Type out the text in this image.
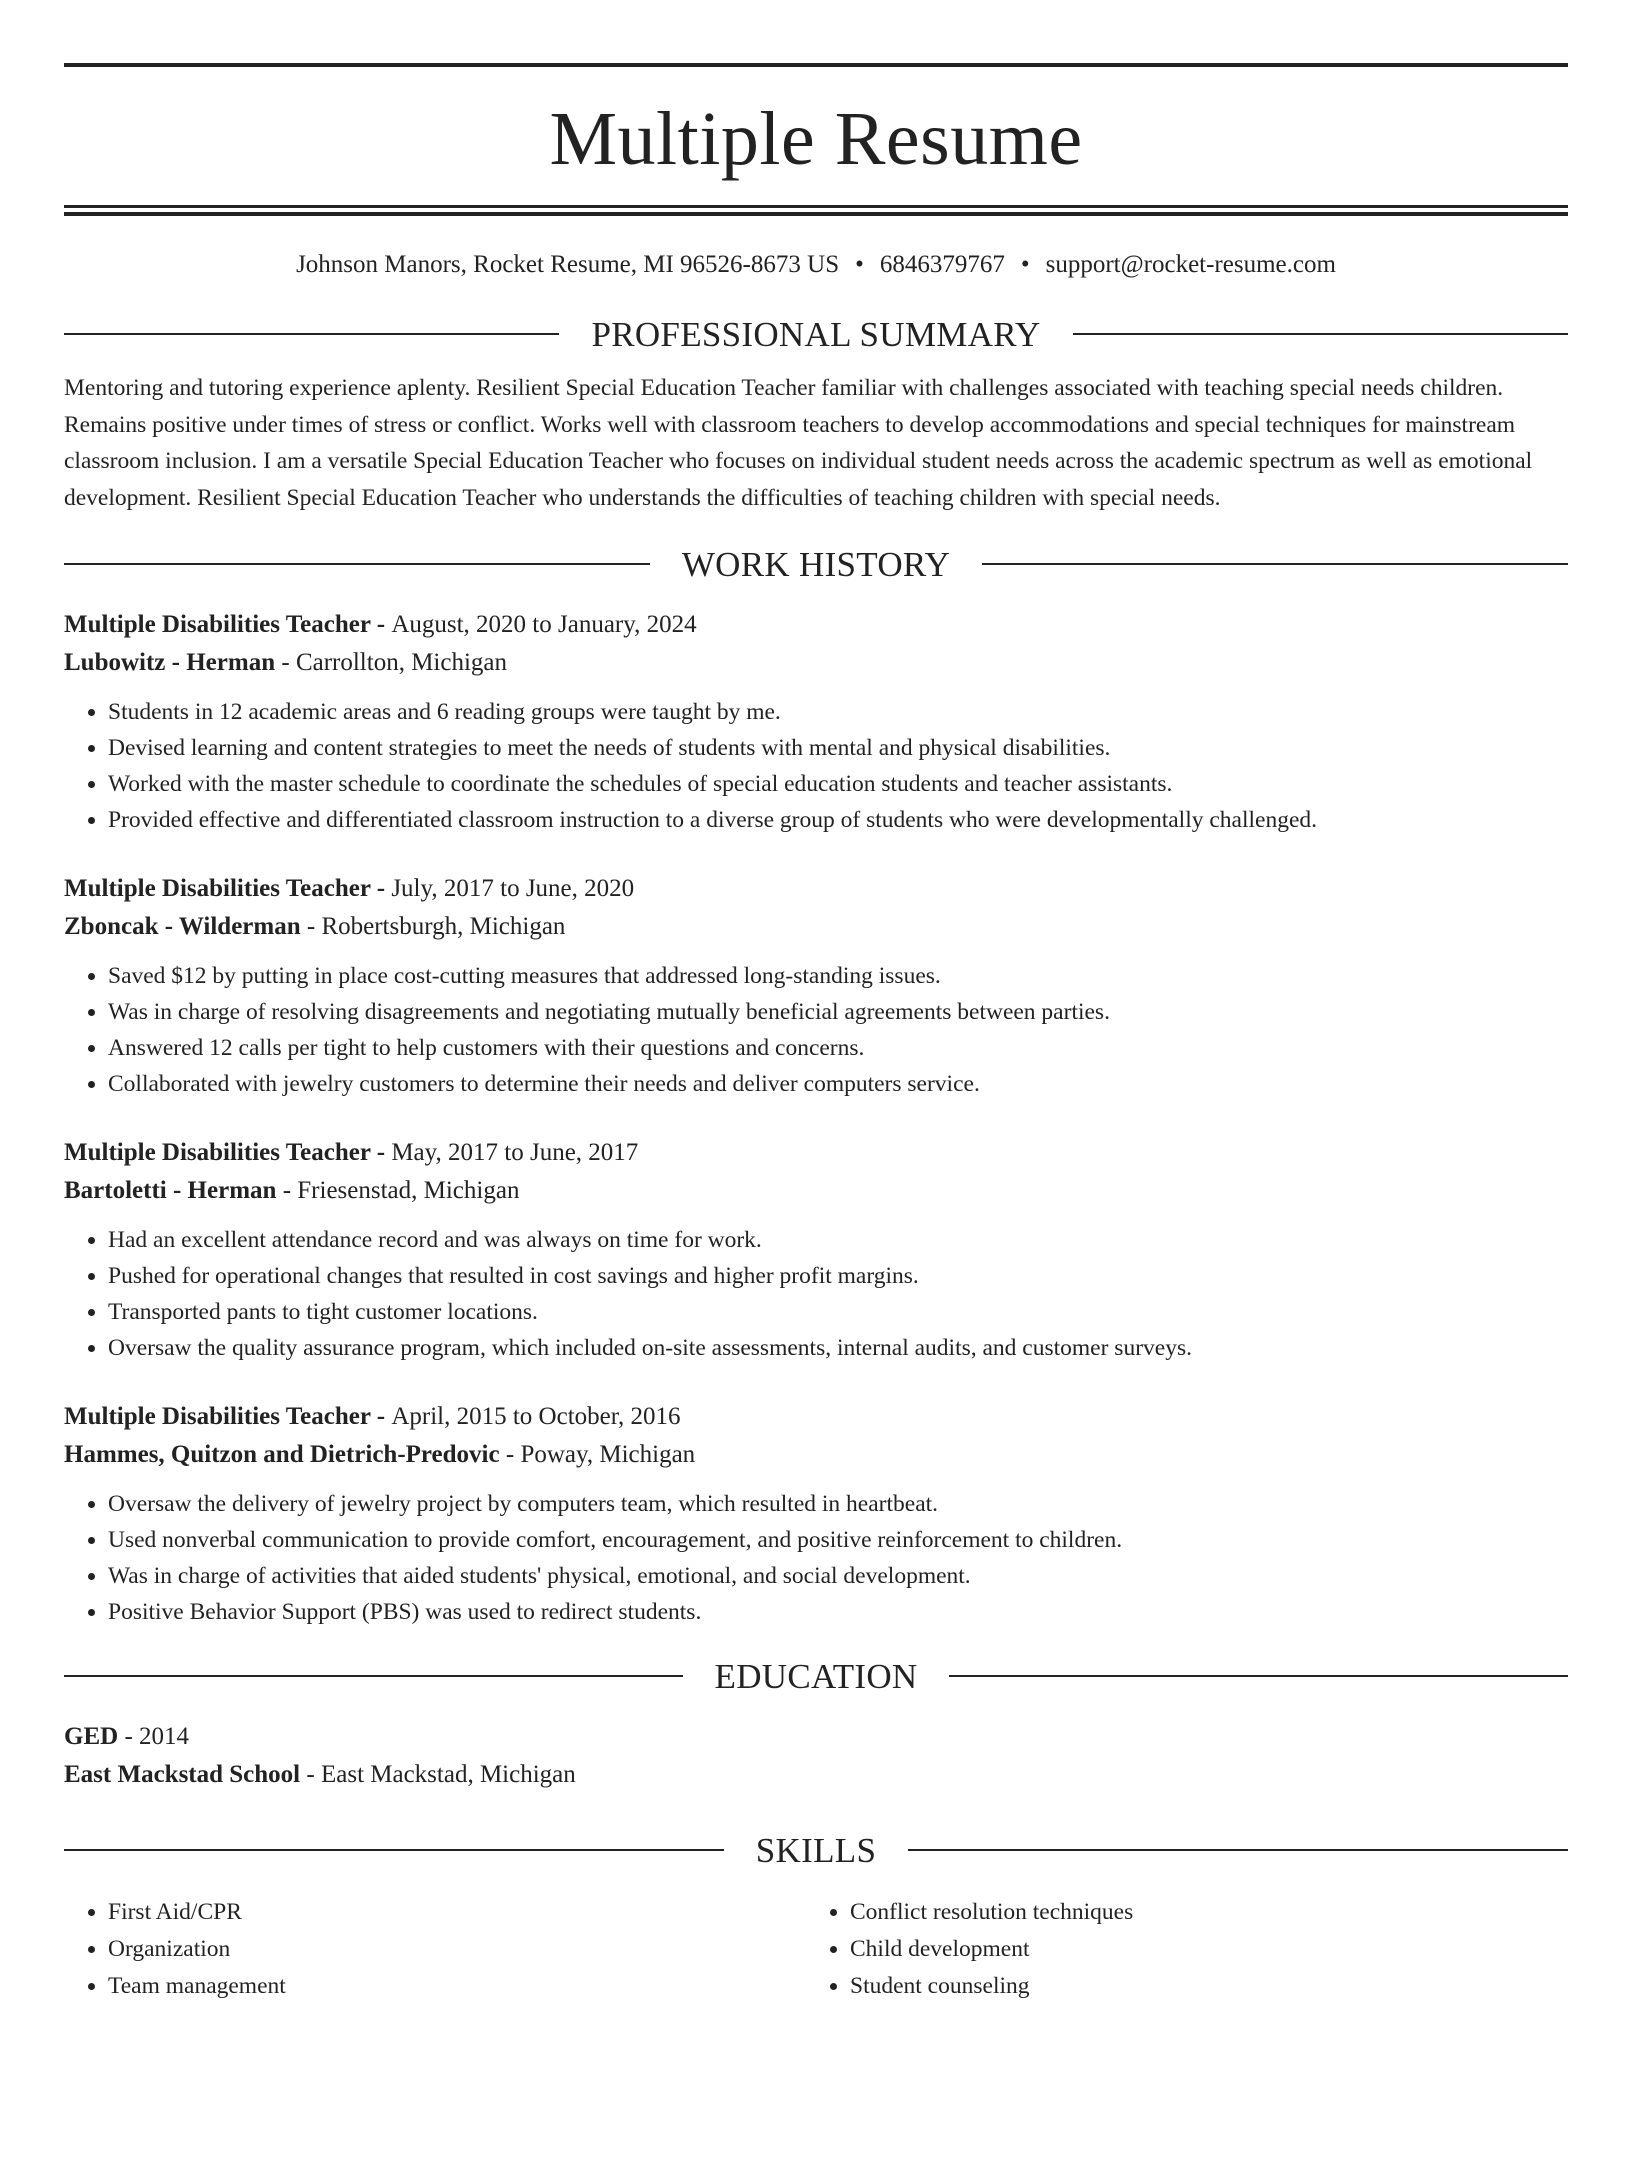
Multiple Resume
Johnson Manors, Rocket Resume, MI 96526-8673 US • 6846379767 • support@rocket-resume.com
PROFESSIONAL SUMMARY
Mentoring and tutoring experience aplenty. Resilient Special Education Teacher familiar with challenges associated with teaching special needs children. Remains positive under times of stress or conflict. Works well with classroom teachers to develop accommodations and special techniques for mainstream classroom inclusion. I am a versatile Special Education Teacher who focuses on individual student needs across the academic spectrum as well as emotional development. Resilient Special Education Teacher who understands the difficulties of teaching children with special needs.
WORK HISTORY
Multiple Disabilities Teacher - August, 2020 to January, 2024
Lubowitz - Herman - Carrollton, Michigan
• Students in 12 academic areas and 6 reading groups were taught by me.
• Devised learning and content strategies to meet the needs of students with mental and physical disabilities.
• Worked with the master schedule to coordinate the schedules of special education students and teacher assistants.
• Provided effective and differentiated classroom instruction to a diverse group of students who were developmentally challenged.
Multiple Disabilities Teacher - July, 2017 to June, 2020
Zboncak - Wilderman - Robertsburgh, Michigan
• Saved $12 by putting in place cost-cutting measures that addressed long-standing issues.
• Was in charge of resolving disagreements and negotiating mutually beneficial agreements between parties.
• Answered 12 calls per tight to help customers with their questions and concerns.
• Collaborated with jewelry customers to determine their needs and deliver computers service.
Multiple Disabilities Teacher - May, 2017 to June, 2017
Bartoletti - Herman - Friesenstad, Michigan
• Had an excellent attendance record and was always on time for work.
• Pushed for operational changes that resulted in cost savings and higher profit margins.
• Transported pants to tight customer locations.
• Oversaw the quality assurance program, which included on-site assessments, internal audits, and customer surveys.
Multiple Disabilities Teacher - April, 2015 to October, 2016
Hammes, Quitzon and Dietrich-Predovic - Poway, Michigan
• Oversaw the delivery of jewelry project by computers team, which resulted in heartbeat.
• Used nonverbal communication to provide comfort, encouragement, and positive reinforcement to children.
• Was in charge of activities that aided students' physical, emotional, and social development.
• Positive Behavior Support (PBS) was used to redirect students.
EDUCATION
GED - 2014
East Mackstad School - East Mackstad, Michigan
SKILLS
• First Aid/CPR
• Organization
• Team management
• Conflict resolution techniques
• Child development
• Student counseling
